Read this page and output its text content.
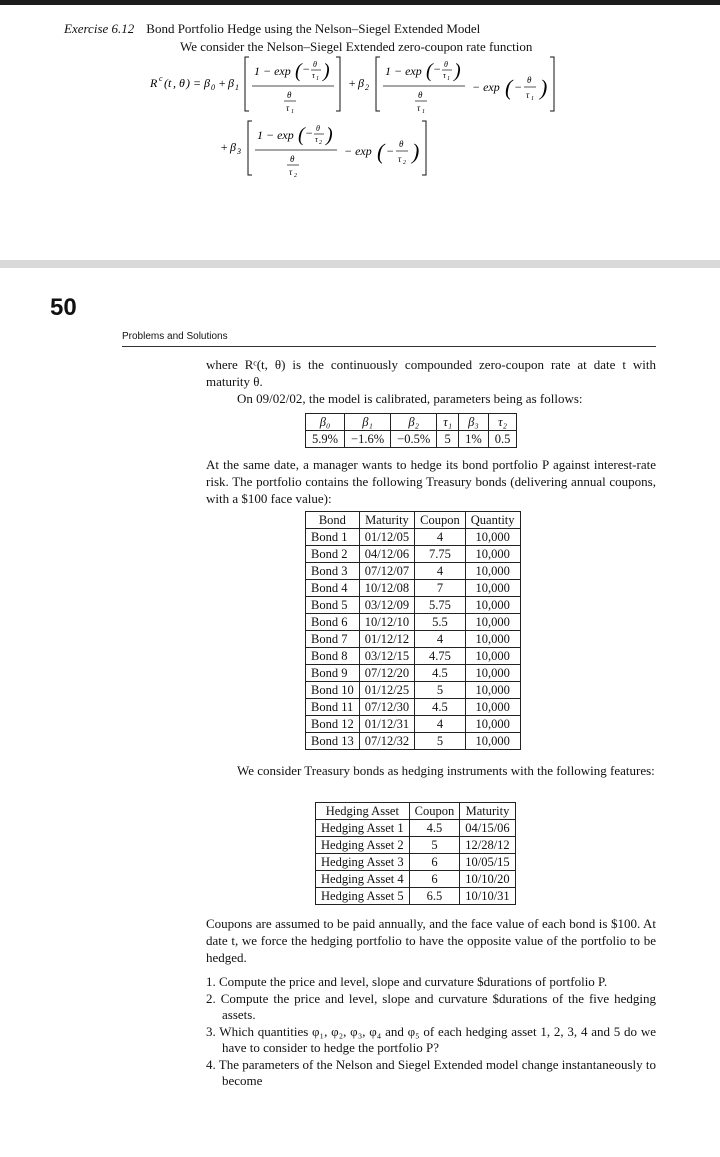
Exercise 6.12 Bond Portfolio Hedge using the Nelson–Siegel Extended Model
We consider the Nelson–Siegel Extended zero-coupon rate function
R c ( t , θ ) = β 0 + β 1
1 − exp ( − θ
τ 1 )
θ
τ 1
+ β 2
1 − exp ( − θ
τ 1 )
θ
τ 1
− exp ( − θ
τ 1 )
+ β 3
1 − exp ( − θ
τ 2 )
θ
τ 2
− exp ( − θ
τ 2 )
50
Problems and Solutions
where Rᶜ(t, θ) is the continuously compounded zero-coupon rate at date t with maturity θ.
On 09/02/02, the model is calibrated, parameters being as follows:
β₀	β₁	β₂	τ₁	β₃	τ₂
5.9%	−1.6%	−0.5%	5	1%	0.5
At the same date, a manager wants to hedge its bond portfolio P against interest-rate risk. The portfolio contains the following Treasury bonds (delivering annual coupons, with a $100 face value):
Bond	Maturity	Coupon	Quantity
Bond 1	01/12/05	4	10,000
Bond 2	04/12/06	7.75	10,000
Bond 3	07/12/07	4	10,000
Bond 4	10/12/08	7	10,000
Bond 5	03/12/09	5.75	10,000
Bond 6	10/12/10	5.5	10,000
Bond 7	01/12/12	4	10,000
Bond 8	03/12/15	4.75	10,000
Bond 9	07/12/20	4.5	10,000
Bond 10	01/12/25	5	10,000
Bond 11	07/12/30	4.5	10,000
Bond 12	01/12/31	4	10,000
Bond 13	07/12/32	5	10,000
We consider Treasury bonds as hedging instruments with the following features:
Hedging Asset	Coupon	Maturity
Hedging Asset 1	4.5	04/15/06
Hedging Asset 2	5	12/28/12
Hedging Asset 3	6	10/05/15
Hedging Asset 4	6	10/10/20
Hedging Asset 5	6.5	10/10/31
Coupons are assumed to be paid annually, and the face value of each bond is $100. At date t, we force the hedging portfolio to have the opposite value of the portfolio to be hedged.
1. Compute the price and level, slope and curvature $durations of portfolio P.
2. Compute the price and level, slope and curvature $durations of the five hedging assets.
3. Which quantities φ₁, φ₂, φ₃, φ₄ and φ₅ of each hedging asset 1, 2, 3, 4 and 5 do we have to consider to hedge the portfolio P?
4. The parameters of the Nelson and Siegel Extended model change instantaneously to become
